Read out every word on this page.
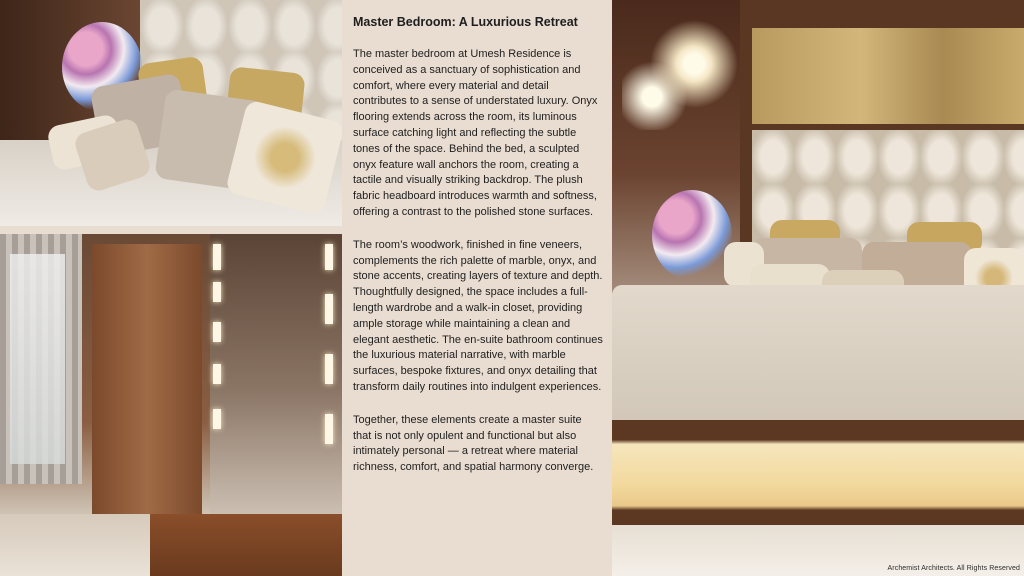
Master Bedroom: A Luxurious Retreat

The master bedroom at Umesh Residence is conceived as a sanctuary of sophistication and comfort, where every material and detail contributes to a sense of understated luxury. Onyx flooring extends across the room, its luminous surface catching light and reflecting the subtle tones of the space. Behind the bed, a sculpted onyx feature wall anchors the room, creating a tactile and visually striking backdrop. The plush fabric headboard introduces warmth and softness, offering a contrast to the polished stone surfaces.

The room’s woodwork, finished in fine veneers, complements the rich palette of marble, onyx, and stone accents, creating layers of texture and depth. Thoughtfully designed, the space includes a full-length wardrobe and a walk-in closet, providing ample storage while maintaining a clean and elegant aesthetic. The en-suite bathroom continues the luxurious material narrative, with marble surfaces, bespoke fixtures, and onyx detailing that transform daily routines into indulgent experiences.

Together, these elements create a master suite that is not only opulent and functional but also intimately personal — a retreat where material richness, comfort, and spatial harmony converge.

Archemist Architects. All Rights Reserved
